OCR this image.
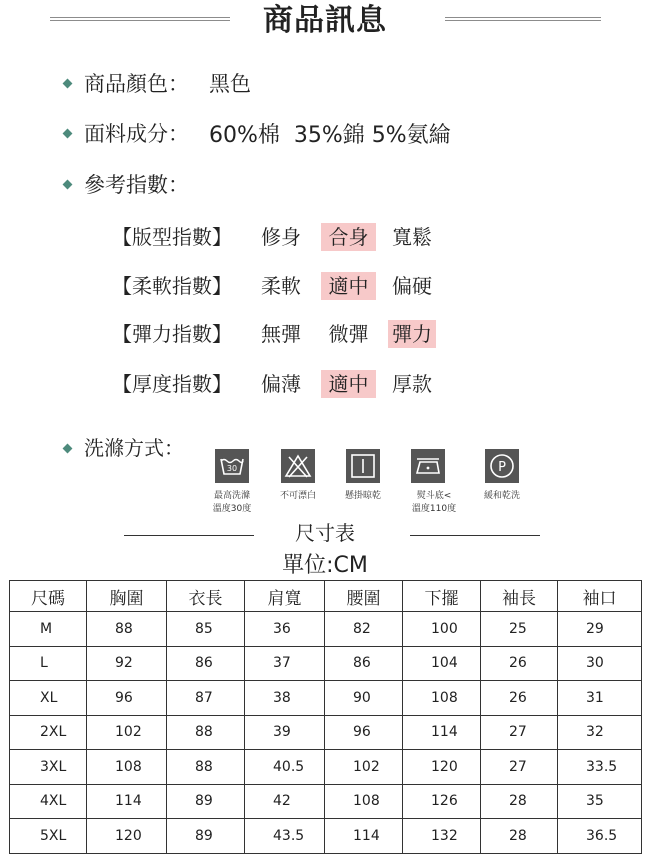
商品訊息
商品顏色： 黑色
面料成分： 60%棉  35%錦 5%氨綸
參考指數：
【版型指數】 修身	合身	寬鬆
【柔軟指數】 柔軟	適中	偏硬
【彈力指數】 無彈	微彈	彈力
【厚度指數】 偏薄	適中	厚款
洗滌方式：
30	P
最高洗滌
溫度30度
不可漂白	懸掛晾乾	熨斗底<
溫度110度
緩和乾洗
尺寸表
單位:CM
尺碼	胸圍	衣長	肩寬	腰圍	下擺	袖長	袖口
M	88	85	36	82	100	25	29
L	92	86	37	86	104	26	30
XL	96	87	38	90	108	26	31
2XL	102	88	39	96	114	27	32
3XL	108	88	40.5	102	120	27	33.5
4XL	114	89	42	108	126	28	35
5XL	120	89	43.5	114	132	28	36.5
